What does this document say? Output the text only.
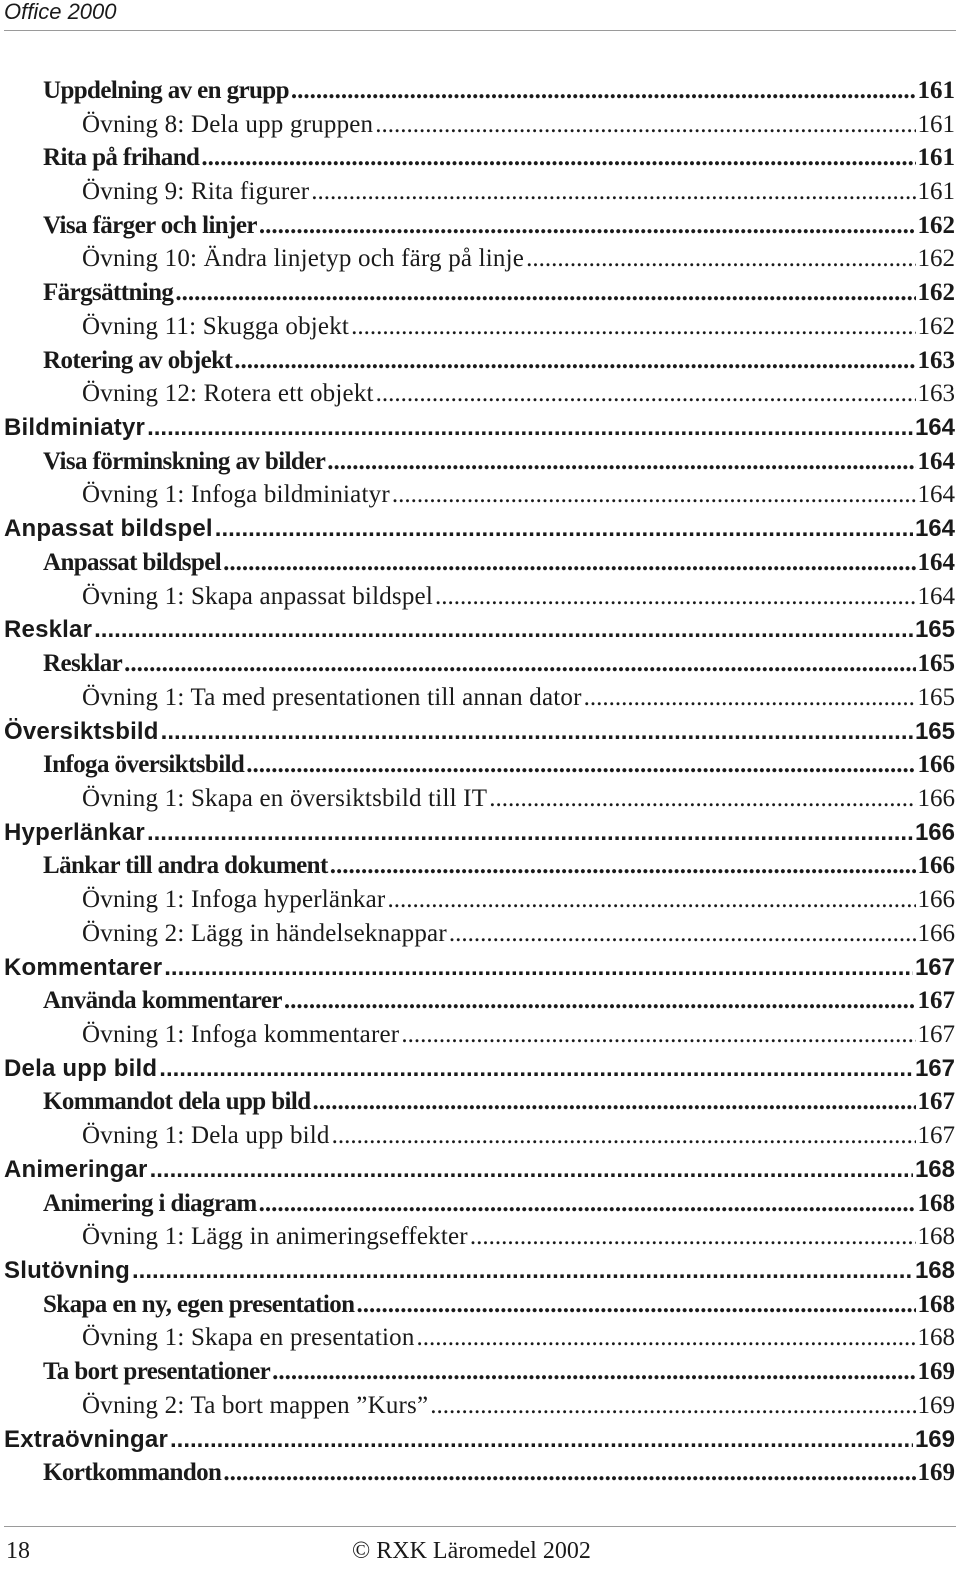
Office 2000
Uppdelning av en grupp .....	161
Övning 8: Dela upp gruppen .....	161
Rita på frihand .....	161
Övning 9: Rita figurer .....	161
Visa färger och linjer .....	162
Övning 10: Ändra linjetyp och färg på linje .....	162
Färgsättning .....	162
Övning 11: Skugga objekt .....	162
Rotering av objekt .....	163
Övning 12: Rotera ett objekt .....	163
Bildminiatyr .....	164
Visa förminskning av bilder .....	164
Övning 1: Infoga bildminiatyr .....	164
Anpassat bildspel .....	164
Anpassat bildspel .....	164
Övning 1: Skapa anpassat bildspel .....	164
Resklar .....	165
Resklar .....	165
Övning 1: Ta med presentationen till annan dator .....	165
Översiktsbild .....	165
Infoga översiktsbild .....	166
Övning 1: Skapa en översiktsbild till IT .....	166
Hyperlänkar .....	166
Länkar till andra dokument .....	166
Övning 1: Infoga hyperlänkar .....	166
Övning 2: Lägg in händelseknappar .....	166
Kommentarer .....	167
Använda kommentarer .....	167
Övning 1: Infoga kommentarer .....	167
Dela upp bild .....	167
Kommandot dela upp bild .....	167
Övning 1: Dela upp bild .....	167
Animeringar .....	168
Animering i diagram .....	168
Övning 1: Lägg in animeringseffekter .....	168
Slutövning .....	168
Skapa en ny, egen presentation .....	168
Övning 1: Skapa en presentation .....	168
Ta bort presentationer .....	169
Övning 2: Ta bort mappen ”Kurs” .....	169
Extraövningar .....	169
Kortkommandon .....	169
18	© RXK Läromedel 2002
